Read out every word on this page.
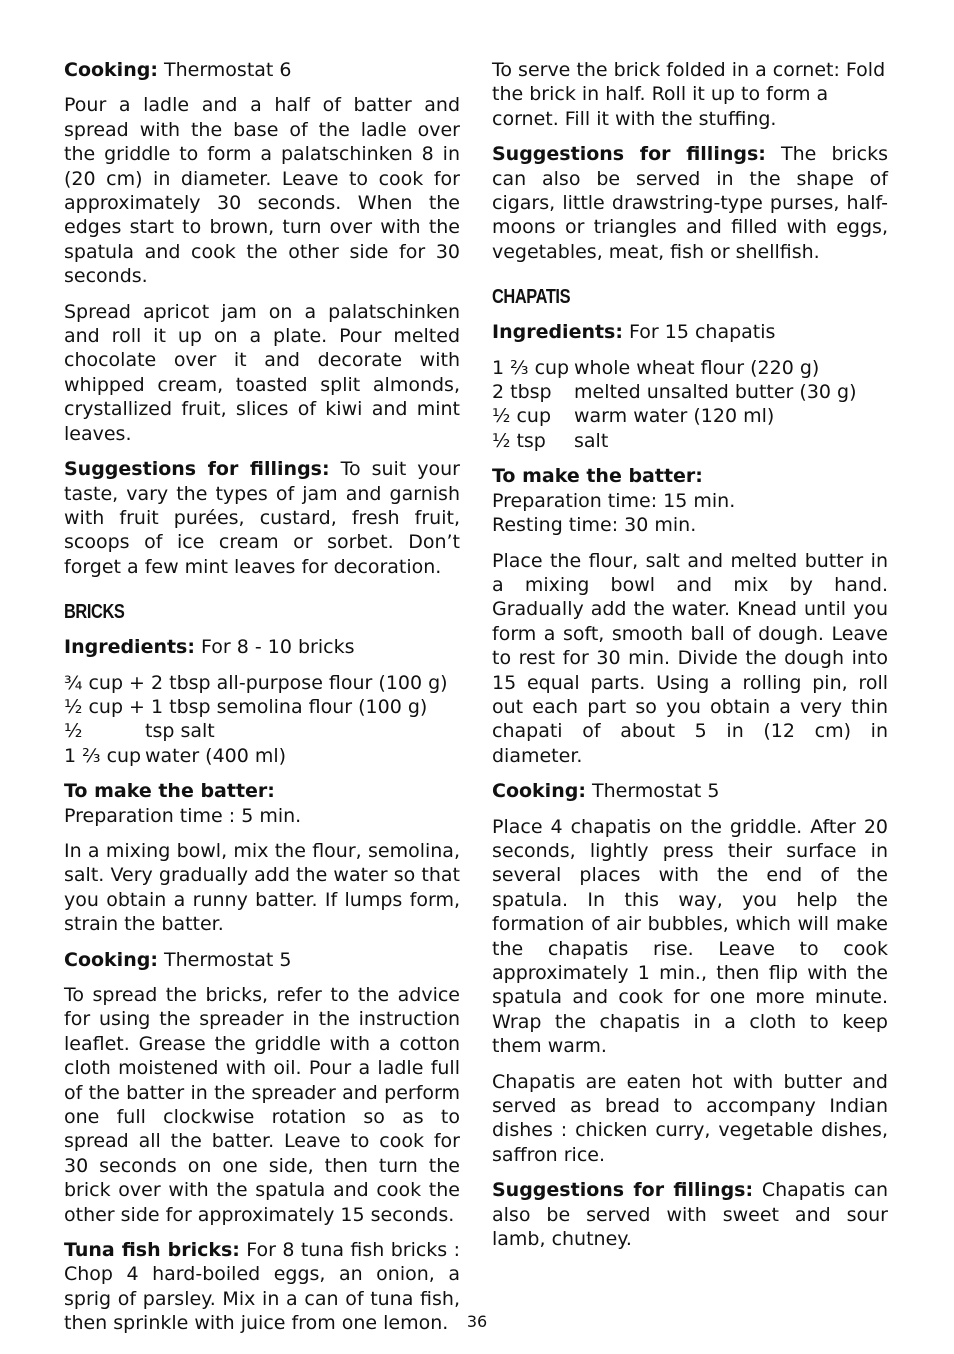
Cooking: Thermostat 6

Pour a ladle and a half of batter and spread with the base of the ladle over the griddle to form a palatschinken 8 in (20 cm) in diameter. Leave to cook for approximately 30 seconds. When the edges start to brown, turn over with the spatula and cook the other side for 30 seconds.

Spread apricot jam on a palatschinken and roll it up on a plate. Pour melted chocolate over it and decorate with whipped cream, toasted split almonds, crystallized fruit, slices of kiwi and mint leaves.

Suggestions for fillings: To suit your taste, vary the types of jam and garnish with fruit purées, custard, fresh fruit, scoops of ice cream or sorbet. Don’t forget a few mint leaves for decoration.

BRICKS

Ingredients: For 8 - 10 bricks

¾ cup + 2 tbsp all-purpose flour (100 g)
½ cup + 1 tbsp semolina flour (100 g)
½	tsp salt
1 ²⁄₃ cup water (400 ml)
To make the batter:

Preparation time : 5 min.

In a mixing bowl, mix the flour, semolina, salt. Very gradually add the water so that you obtain a runny batter. If lumps form, strain the batter.

Cooking: Thermostat 5

To spread the bricks, refer to the advice for using the spreader in the instruction leaflet. Grease the griddle with a cotton cloth moistened with oil. Pour a ladle full of the batter in the spreader and perform one full clockwise rotation so as to spread all the batter. Leave to cook for 30 seconds on one side, then turn the brick over with the spatula and cook the other side for approximately 15 seconds.

Tuna fish bricks: For 8 tuna fish bricks : Chop 4 hard-boiled eggs, an onion, a sprig of parsley. Mix in a can of tuna fish, then sprinkle with juice from one lemon.

To serve the brick folded in a cornet: Fold the brick in half. Roll it up to form a cornet. Fill it with the stuffing.

Suggestions for fillings: The bricks can also be served in the shape of cigars, little drawstring-type purses, half-moons or triangles and filled with eggs, vegetables, meat, fish or shellfish.

CHAPATIS

Ingredients: For 15 chapatis

1 ²⁄₃ cup whole wheat flour (220 g)
2 tbsp	melted unsalted butter (30 g)
½ cup	warm water (120 ml)
½ tsp	salt
To make the batter:
Preparation time: 15 min.

Resting time: 30 min.

Place the flour, salt and melted butter in a mixing bowl and mix by hand. Gradually add the water. Knead until you form a soft, smooth ball of dough. Leave to rest for 30 min. Divide the dough into 15 equal parts. Using a rolling pin, roll out each part so you obtain a very thin chapati of about 5 in (12 cm) in diameter.

Cooking: Thermostat 5

Place 4 chapatis on the griddle. After 20 seconds, lightly press their surface in several places with the end of the spatula. In this way, you help the formation of air bubbles, which will make the chapatis rise. Leave to cook approximately 1 min., then flip with the spatula and cook for one more minute. Wrap the chapatis in a cloth to keep them warm.

Chapatis are eaten hot with butter and served as bread to accompany Indian dishes : chicken curry, vegetable dishes, saffron rice.

Suggestions for fillings: Chapatis can also be served with sweet and sour lamb, chutney.

36
